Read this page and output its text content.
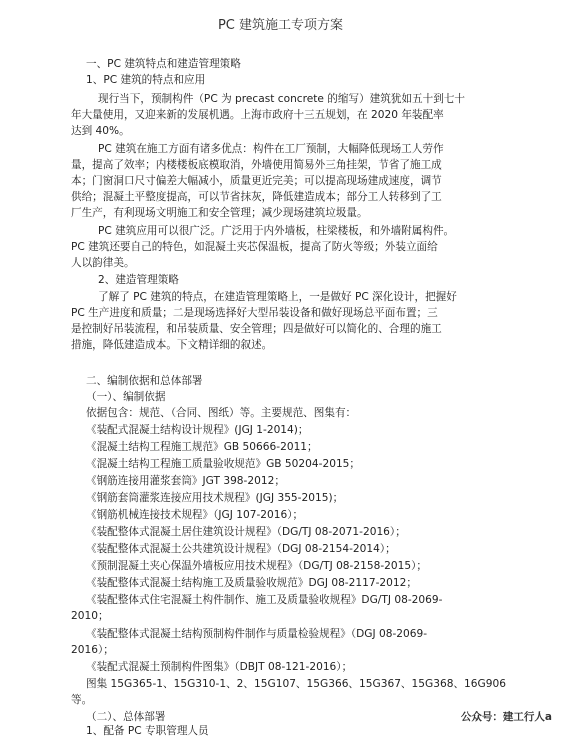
PC 建筑施工专项方案
一、PC 建筑特点和建造管理策略
1、PC 建筑的特点和应用
现行当下，预制构件（PC 为 precast concrete 的缩写）建筑犹如五十到七十
年大量使用，又迎来新的发展机遇。上海市政府十三五规划，在 2020 年装配率
达到 40%。
PC 建筑在施工方面有诸多优点：构件在工厂预制，大幅降低现场工人劳作
量，提高了效率；内楼楼板底模取消，外墙使用简易外三角挂架，节省了施工成
本；门窗洞口尺寸偏差大幅减小，质量更近完美；可以提高现场建成速度，调节
供给；混凝土平整度提高，可以节省抹灰，降低建造成本；部分工人转移到了工
厂生产，有利现场文明施工和安全管理；减少现场建筑垃圾量。
PC 建筑应用可以很广泛。广泛用于内外墙板，柱梁楼板，和外墙附属构件。
PC 建筑还要自己的特色，如混凝土夹芯保温板，提高了防火等级；外装立面给
人以韵律美。
2、建造管理策略
了解了 PC 建筑的特点，在建造管理策略上，一是做好 PC 深化设计，把握好
PC 生产进度和质量；二是现场选择好大型吊装设备和做好现场总平面布置；三
是控制好吊装流程，和吊装质量、安全管理；四是做好可以简化的、合理的施工
措施，降低建造成本。下文精详细的叙述。
二、编制依据和总体部署
（一）、编制依据
依据包含：规范、（合同、图纸）等。主要规范、图集有：
《装配式混凝土结构设计规程》(JGJ 1-2014)；
《混凝土结构工程施工规范》GB 50666-2011；
《混凝土结构工程施工质量验收规范》GB 50204-2015；
《钢筋连接用灌浆套筒》JGT 398-2012；
《钢筋套筒灌浆连接应用技术规程》(JGJ 355-2015)；
《钢筋机械连接技术规程》（JGJ 107-2016）；
《装配整体式混凝土居住建筑设计规程》（DG/TJ 08-2071-2016）；
《装配整体式混凝土公共建筑设计规程》（DGJ 08-2154-2014）；
《预制混凝土夹心保温外墙板应用技术规程》（DG/TJ 08-2158-2015）；
《装配整体式混凝土结构施工及质量验收规范》DGJ 08-2117-2012；
《装配整体式住宅混凝土构件制作、施工及质量验收规程》DG/TJ 08-2069-
2010；
《装配整体式混凝土结构预制构件制作与质量检验规程》（DGJ 08-2069-
2016）；
《装配式混凝土预制构件图集》（DBJT 08-121-2016）；
图集 15G365-1、15G310-1、2、15G107、15G366、15G367、15G368、16G906
等。
（二）、总体部署
1、配备 PC 专职管理人员
公众号：建工行人a
